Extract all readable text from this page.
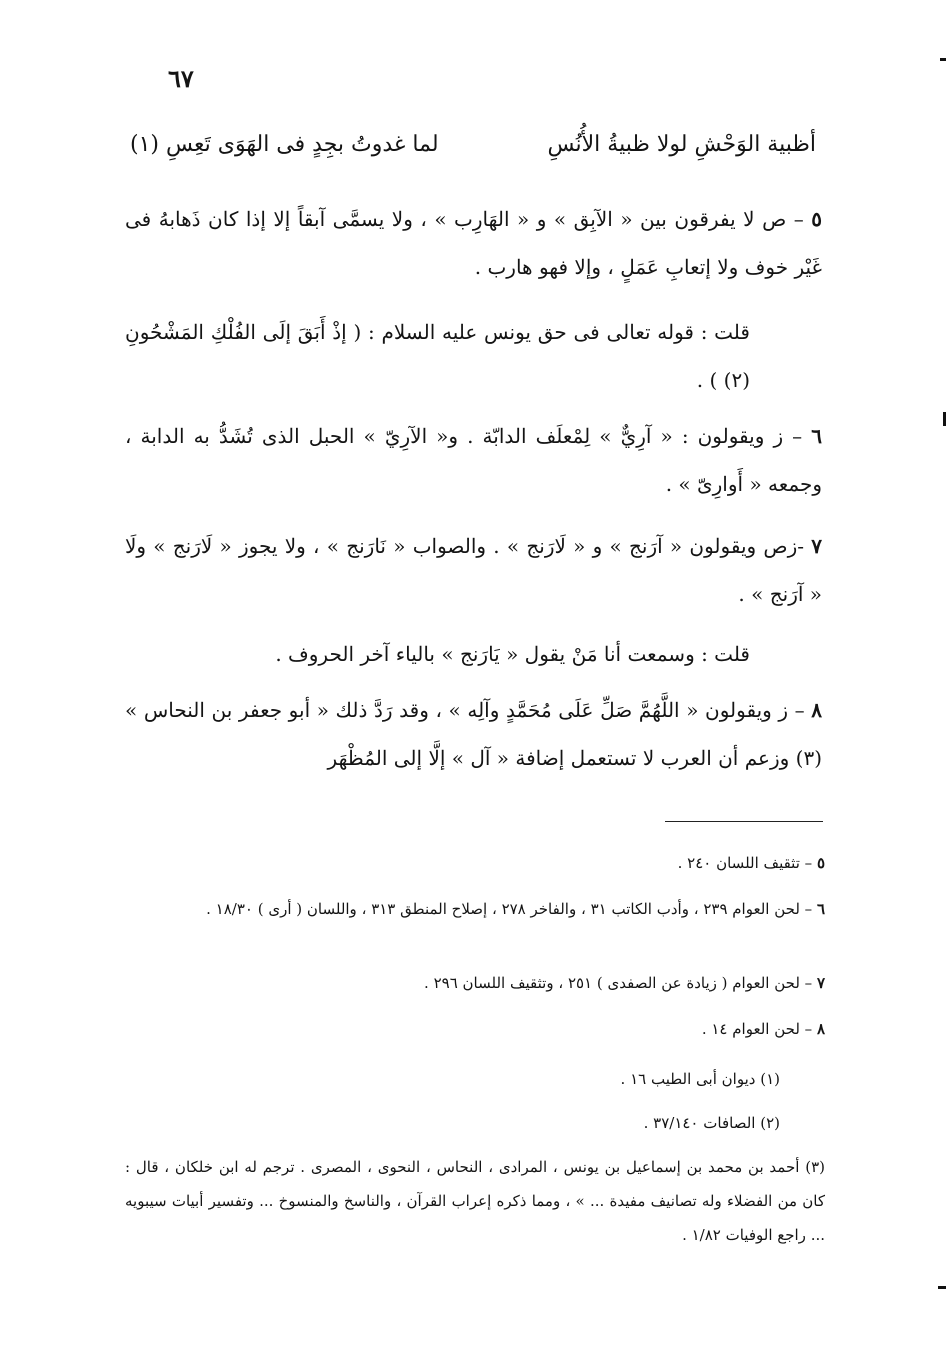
٦٧
أظبية الوَحْشِ لولا ظبيةُ الأُنُسِ
لما غدوتُ بجِدٍ فى الهَوَى تَعِسِ (١)
٥ – ص لا يفرقون بين « الآبِق » و « الهَارِب » ، ولا يسمَّى آبقاً إلا إذا كان ذَهابهُ فى غَيْر خوف ولا إتعابِ عَمَلٍ ، وإلا فهو هارب .
قلت : قوله تعالى فى حق يونس عليه السلام : ( إذْ أَبَقَ إلَى الفُلْكِ المَشْحُونِ (٢) ) .
٦ – ز ويقولون : « آرِيٌّ » لِمْعلَف الدابّة . و« الآرِيّ » الحبل الذى تُشَدُّ به الدابة ، وجمعه « أَوارِىّ » .
٧ -زص ويقولون « آرَنج » و « لَارَنج » . والصواب « نَارَنج » ، ولا يجوز « لَارَنج » ولَا « آرَنج » .
قلت : وسمعت أنا مَنْ يقول « يَارَنج » بالياء آخر الحروف .
٨ – ز ويقولون « اللَّهُمَّ صَلِّ عَلَى مُحَمَّدٍ وآلِه » ، وقد رَدَّ ذلك « أبو جعفر بن النحاس » (٣) وزعم أن العرب لا تستعمل إضافة « آل » إلَّا إلى المُظْهَر
٥ – تثقيف اللسان ٢٤٠ .
٦ – لحن العوام ٢٣٩ ، وأدب الكاتب ٣١ ، والفاخر ٢٧٨ ، إصلاح المنطق ٣١٣ ، واللسان ( أرى ) ١٨/٣٠ .
٧ – لحن العوام ( زيادة عن الصفدى ) ٢٥١ ، وتثقيف اللسان ٢٩٦ .
٨ – لحن العوام ١٤ .
(١) ديوان أبى الطيب ١٦ .
(٢) الصافات ٣٧/١٤٠ .
(٣) أحمد بن محمد بن إسماعيل بن يونس ، المرادى ، النحاس ، النحوى ، المصرى . ترجم له ابن خلكان ، قال : كان من الفضلاء وله تصانيف مفيدة ... » ، ومما ذكره إعراب القرآن ، والناسخ والمنسوخ ... وتفسير أبيات سيبويه ... راجع الوفيات ١/٨٢ .
